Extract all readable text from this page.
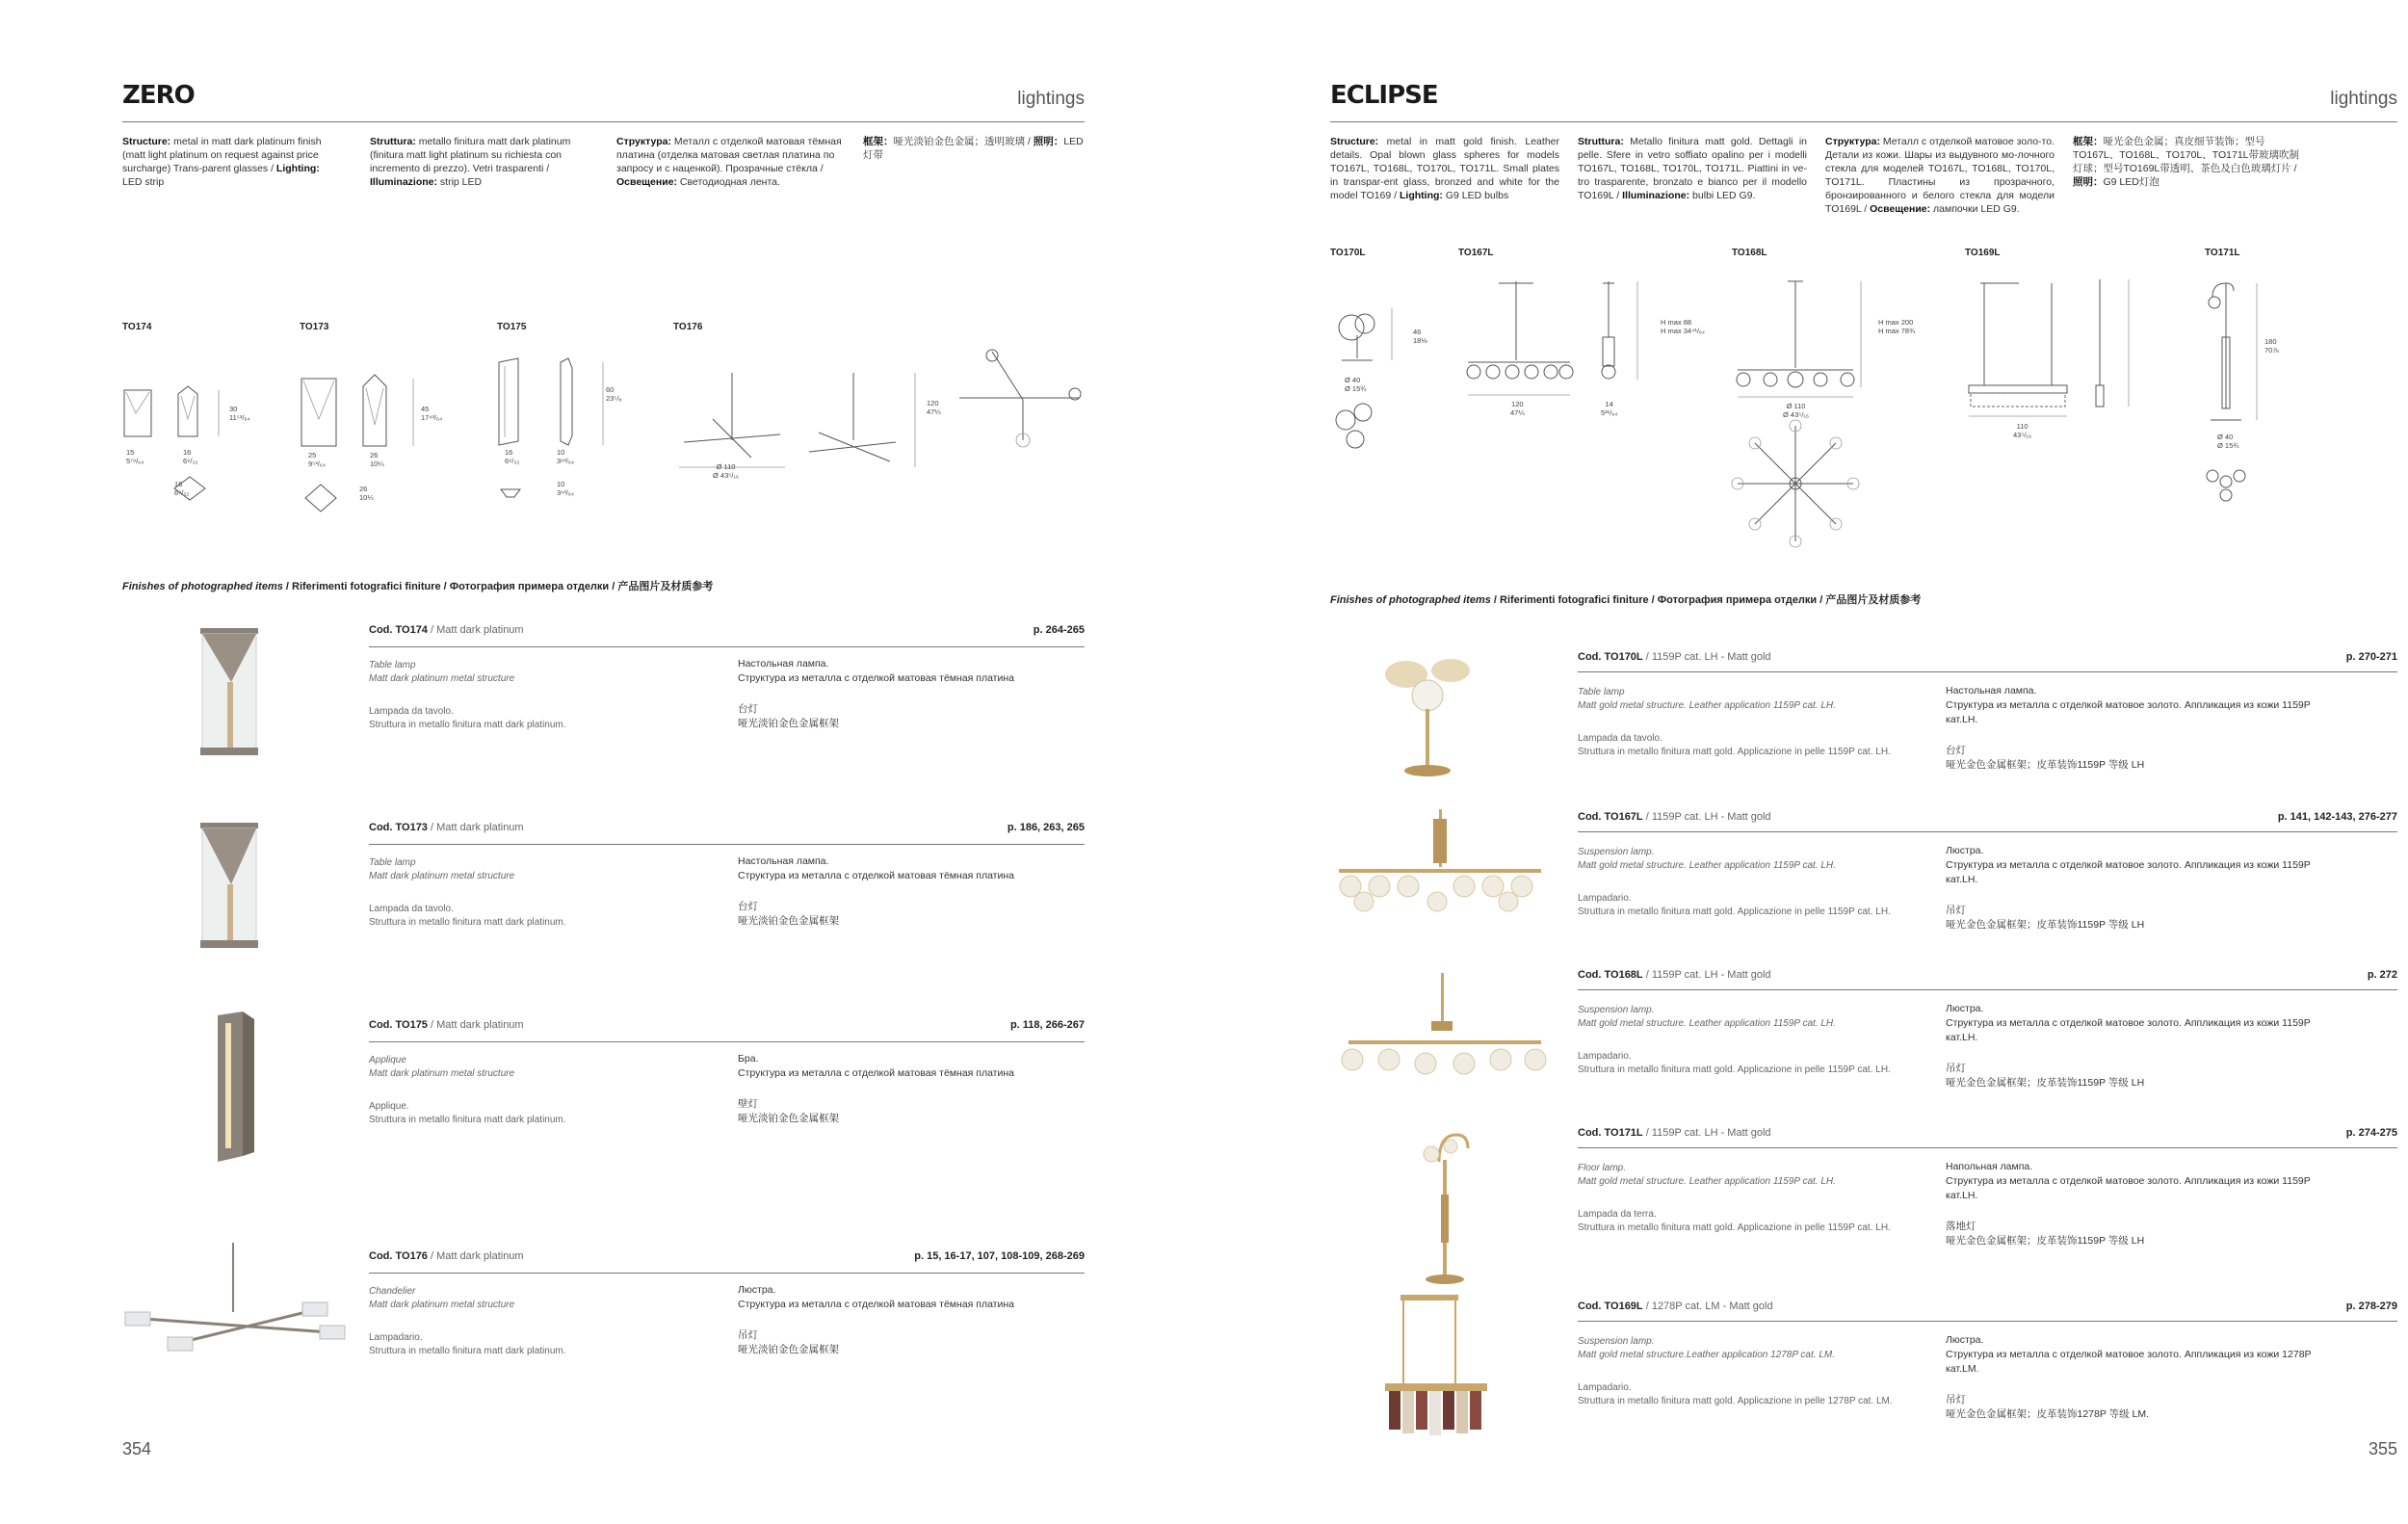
ZERO	lightings
Structure: metal in matt dark platinum finish (matt light platinum on request against price surcharge) Trans-parent glasses / Lighting: LED strip
Struttura: metallo finitura matt dark platinum (finitura matt light platinum su richiesta con incremento di prezzo). Vetri trasparenti / Illuminazione: strip LED
Структура: Металл с отделкой матовая тёмная платина (отделка матовая светлая платина по запросу и с наценкой). Прозрачные стёкла / Освещение: Светодиодная лента.
框架：哑光淡铂金色金属；透明玻璃 / 照明：LED 灯带
TO174	TO173	TO175	TO176
30
11⁵³/₆₄
15
5⁷⁹/₆₄
16
6⁹/₃₂
16
6⁹/₃₂
45
17⁴³/₆₄
25
9⁵³/₆₄
26
10¼
26
10¼
60
23⁵/₈
16
6⁹/₃₂
10
3⁶³/₆₄
10
3⁶³/₆₄
120
47¼
Ø 110
Ø 43⁵/₁₆
Finishes of photographed items / Riferimenti fotografici finiture / Фотография примера отделки / 产品图片及材质参考
Cod. TO174 / Matt dark platinum	p. 264-265
Table lamp
Matt dark platinum metal structure
Lampada da tavolo.
Struttura in metallo finitura matt dark platinum.
Настольная лампа.
Структура из металла с отделкой матовая тёмная платина
台灯
哑光淡铂金色金属框架
Cod. TO173 / Matt dark platinum	p. 186, 263, 265
Table lamp
Matt dark platinum metal structure
Lampada da tavolo.
Struttura in metallo finitura matt dark platinum.
Настольная лампа.
Структура из металла с отделкой матовая тёмная платина
台灯
哑光淡铂金色金属框架
Cod. TO175 / Matt dark platinum	p. 118, 266-267
Applique
Matt dark platinum metal structure
Applique.
Struttura in metallo finitura matt dark platinum.
Бра.
Структура из металла с отделкой матовая тёмная платина
壁灯
哑光淡铂金色金属框架
Cod. TO176 / Matt dark platinum	p. 15, 16-17, 107, 108-109, 268-269
Chandelier
Matt dark platinum metal structure
Lampadario.
Struttura in metallo finitura matt dark platinum.
Люстра.
Структура из металла с отделкой матовая тёмная платина
吊灯
哑光淡铂金色金属框架
354
ECLIPSE	lightings
Structure: metal in matt gold finish. Leather details. Opal blown glass spheres for models TO167L, TO168L, TO170L, TO171L. Small plates in transpar-ent glass, bronzed and white for the model TO169 / Lighting: G9 LED bulbs
Struttura: Metallo finitura matt gold. Dettagli in pelle. Sfere in vetro soffiato opalino per i modelli TO167L, TO168L, TO170L, TO171L. Piattini in ve-tro trasparente, bronzato e bianco per il modello TO169L / Illuminazione: bulbi LED G9.
Структура: Металл с отделкой матовое золо-то. Детали из кожи. Шары из выдувного мо-лочного стекла для моделей TO167L, TO168L, TO170L, TO171L. Пластины из прозрачного, бронзированного и белого стекла для модели TO169L / Освещение: лампочки LED G9.
框架：哑光金色金属；真皮细节装饰；型号TO167L、TO168L、TO170L、TO171L带玻璃吹制灯球；型号TO169L带透明、茶色及白色玻璃灯片 / 照明：G9 LED灯泡
TO170L	TO167L	TO168L	TO169L	TO171L
46
18⅛
Ø 40
Ø 15¾
120
47¼
14
5³¹/₆₄
H max 88
H max 34⁴¹/₆₄
Ø 110
Ø 43⁵/₁₆
H max 200
H max 78¾
110
43⁵/₁₆
180
70⅞
Ø 40
Ø 15¾
Finishes of photographed items / Riferimenti fotografici finiture / Фотография примера отделки / 产品图片及材质参考
Cod. TO170L / 1159P cat. LH - Matt gold	p. 270-271
Table lamp
Matt gold metal structure. Leather application 1159P cat. LH.
Lampada da tavolo.
Struttura in metallo finitura matt gold. Applicazione in pelle 1159P cat. LH.
Настольная лампа.
Структура из металла с отделкой матовое золото. Аппликация из кожи 1159P кат.LH.
台灯
哑光金色金属框架；皮革装饰1159P 等级 LH
Cod. TO167L / 1159P cat. LH - Matt gold	p. 141, 142-143, 276-277
Suspension lamp.
Matt gold metal structure. Leather application 1159P cat. LH.
Lampadario.
Struttura in metallo finitura matt gold. Applicazione in pelle 1159P cat. LH.
Люстра.
Структура из металла с отделкой матовое золото. Аппликация из кожи 1159P кат.LH.
吊灯
哑光金色金属框架；皮革装饰1159P 等级 LH
Cod. TO168L / 1159P cat. LH - Matt gold	p. 272
Suspension lamp.
Matt gold metal structure. Leather application 1159P cat. LH.
Lampadario.
Struttura in metallo finitura matt gold. Applicazione in pelle 1159P cat. LH.
Люстра.
Структура из металла с отделкой матовое золото. Аппликация из кожи 1159P кат.LH.
吊灯
哑光金色金属框架；皮革装饰1159P 等级 LH
Cod. TO171L / 1159P cat. LH - Matt gold	p. 274-275
Floor lamp.
Matt gold metal structure. Leather application 1159P cat. LH.
Lampada da terra.
Struttura in metallo finitura matt gold. Applicazione in pelle 1159P cat. LH.
Напольная лампа.
Структура из металла с отделкой матовое золото. Аппликация из кожи 1159P кат.LH.
落地灯
哑光金色金属框架；皮革装饰1159P 等级 LH
Cod. TO169L / 1278P cat. LM - Matt gold	p. 278-279
Suspension lamp.
Matt gold metal structure.Leather application 1278P cat. LM.
Lampadario.
Struttura in metallo finitura matt gold. Applicazione in pelle 1278P cat. LM.
Люстра.
Структура из металла с отделкой матовое золото. Аппликация из кожи 1278P кат.LM.
吊灯
哑光金色金属框架；皮革装饰1278P 等级 LM.
355
